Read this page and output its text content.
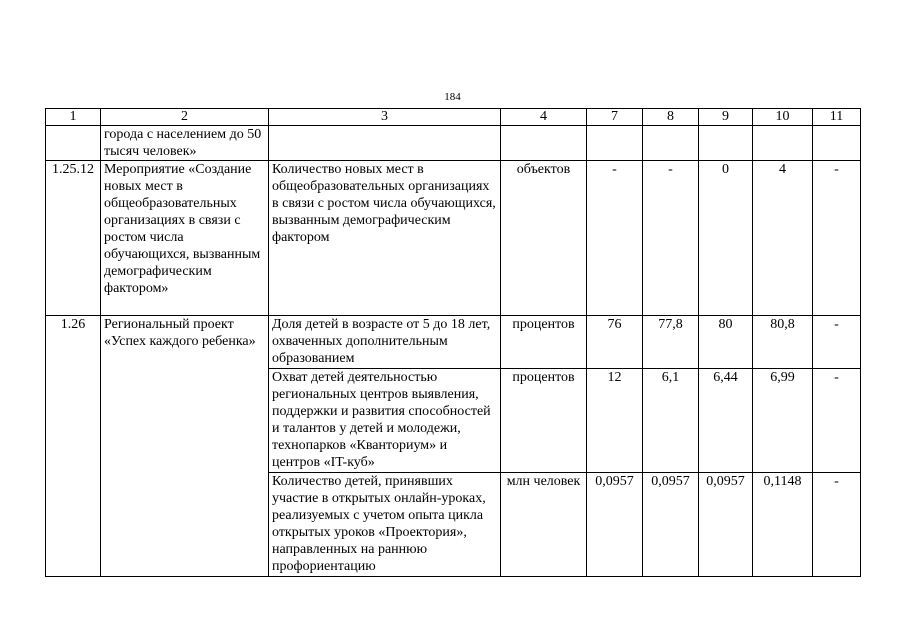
184
1	2	3	4	7	8	9	10	11
	города с населением до 50 тысяч человек»							
1.25.12	Мероприятие «Создание новых мест в общеобразовательных организациях в связи с ростом числа обучающихся, вызванным демографическим фактором»	Количество новых мест в общеобразовательных организациях в связи с ростом числа обучающихся, вызванным демографическим фактором	объектов	-	-	0	4	-
1.26	Региональный проект «Успех каждого ребенка»	Доля детей в возрасте от 5 до 18 лет, охваченных дополнительным образованием	процентов	76	77,8	80	80,8	-
		Охват детей деятельностью региональных центров выявления, поддержки и развития способностей и талантов у детей и молодежи, технопарков «Кванториум» и центров «IT-куб»	процентов	12	6,1	6,44	6,99	-
		Количество детей, принявших участие в открытых онлайн-уроках, реализуемых с учетом опыта цикла открытых уроков «Проектория», направленных на раннюю профориентацию	млн человек	0,0957	0,0957	0,0957	0,1148	-
